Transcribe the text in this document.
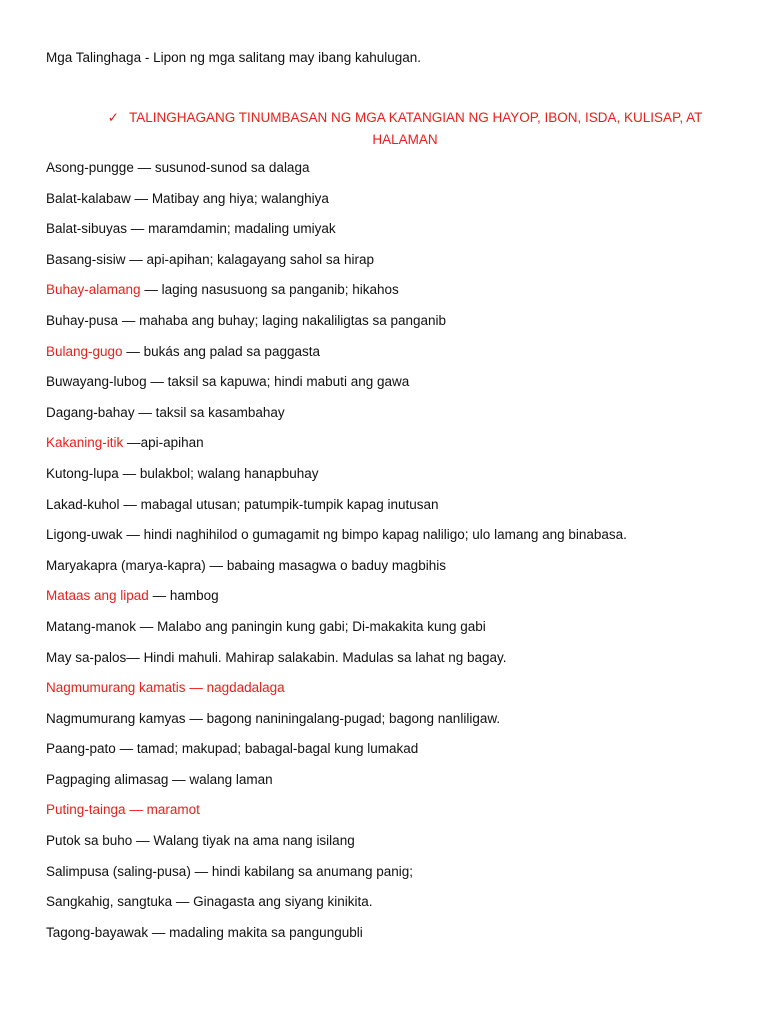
Mga Talinghaga - Lipon ng mga salitang may ibang kahulugan.
✓ TALINGHAGANG TINUMBASAN NG MGA KATANGIAN NG HAYOP, IBON, ISDA, KULISAP, AT HALAMAN
Asong-pungge — susunod-sunod sa dalaga
Balat-kalabaw — Matibay ang hiya; walanghiya
Balat-sibuyas — maramdamin; madaling umiyak
Basang-sisiw — api-apihan; kalagayang sahol sa hirap
Buhay-alamang — laging nasusuong sa panganib; hikahos
Buhay-pusa — mahaba ang buhay; laging nakaliligtas sa panganib
Bulang-gugo — bukás ang palad sa paggasta
Buwayang-lubog — taksil sa kapuwa; hindi mabuti ang gawa
Dagang-bahay — taksil sa kasambahay
Kakaning-itik —api-apihan
Kutong-lupa — bulakbol; walang hanapbuhay
Lakad-kuhol — mabagal utusan; patumpik-tumpik kapag inutusan
Ligong-uwak — hindi naghihilod o gumagamit ng bimpo kapag naliligo; ulo lamang ang binabasa.
Maryakapra (marya-kapra) — babaing masagwa o baduy magbihis
Mataas ang lipad — hambog
Matang-manok — Malabo ang paningin kung gabi; Di-makakita kung gabi
May sa-palos— Hindi mahuli. Mahirap salakabin. Madulas sa lahat ng bagay.
Nagmumurang kamatis — nagdadalaga
Nagmumurang kamyas — bagong naniningalang-pugad; bagong nanliligaw.
Paang-pato — tamad; makupad; babagal-bagal kung lumakad
Pagpaging alimasag — walang laman
Puting-tainga — maramot
Putok sa buho — Walang tiyak na ama nang isilang
Salimpusa (saling-pusa) — hindi kabilang sa anumang panig;
Sangkahig, sangtuka — Ginagasta ang siyang kinikita.
Tagong-bayawak — madaling makita sa pangungubli
